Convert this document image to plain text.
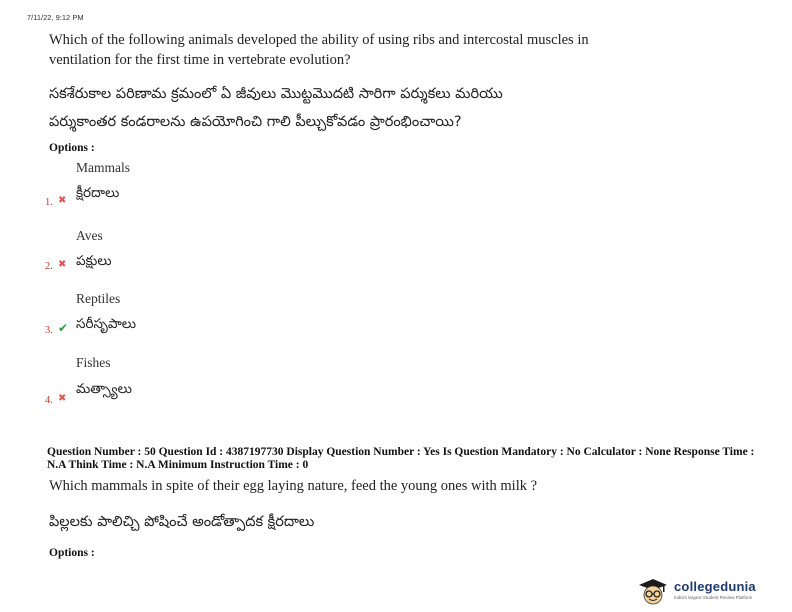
7/11/22, 9:12 PM
Which of the following animals developed the ability of using ribs and intercostal muscles in ventilation for the first time in vertebrate evolution?
సకశేరుకాల పరిణామ క్రమంలో ఏ జీవులు మొట్టమొదటి సారిగా పర్శుకలు మరియు
పర్శుకాంతర కండరాలను ఉపయోగించి గాలి పీల్చుకోవడం ప్రారంభించాయి?
Options :
Mammals
క్షీరదాలు
1. ✖
Aves
పక్షులు
2. ✖
Reptiles
సరీసృపాలు
3. ✔
Fishes
మత్స్యాలు
4. ✖
Question Number : 50 Question Id : 4387197730 Display Question Number : Yes Is Question Mandatory : No Calculator : None Response Time : N.A Think Time : N.A Minimum Instruction Time : 0
Which mammals in spite of their egg laying nature, feed the young ones with milk ?
పిల్లలకు పాలిచ్చి పోషించే అండోత్పాదక క్షీరదాలు
Options :
collegedunia
India's largest Student Review Platform
